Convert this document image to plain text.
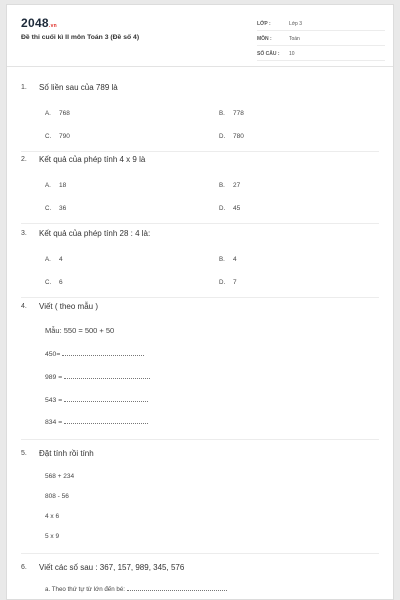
2048.vn
Đề thi cuối kì II môn Toán 3 (Đề số 4)
LỚP :	Lớp 3
MÔN :	Toán
SỐ CÂU : 10
1. Số liền sau của 789 là
A. 768	B. 778
C. 790	D. 780
2. Kết quả của phép tính 4 x 9 là
A. 18	B. 27
C. 36	D. 45
3. Kết quả của phép tính 28 : 4 là:
A. 4	B. 4
C. 6	D. 7
4. Viết ( theo mẫu )
Mẫu: 550 = 500 + 50
450=
989 =
543 =
834 =
5. Đặt tính rồi tính
568 + 234
808 - 56
4 x 6
5 x 9
6. Viết các số sau : 367, 157, 989, 345, 576
a. Theo thứ tự từ lớn đến bé:
